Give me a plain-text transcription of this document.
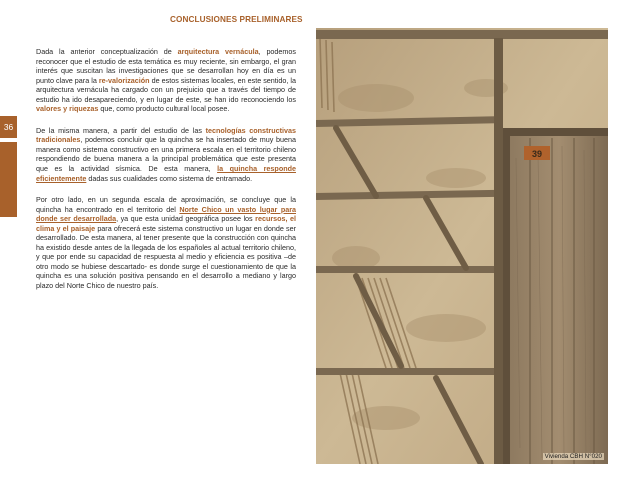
CONCLUSIONES PRELIMINARES
36
CAPÍTULO II

Dada la anterior conceptualización de arquitectura vernácula, podemos reconocer que el estudio de esta temática es muy reciente, sin embargo, el gran interés que suscitan las investigaciones que se desarrollan hoy en día es un punto clave para la re-valorización de estos sistemas locales, en este sentido, la arquitectura vernácula ha cargado con un prejuicio que a través del tiempo de estudio ha ido desapareciendo, y en lugar de este, se han ido reconociendo los valores y riquezas que, como producto cultural local posee.

De la misma manera, a partir del estudio de las tecnologías constructivas tradicionales, podemos concluir que la quincha se ha insertado de muy buena manera como sistema constructivo en una primera escala en el territorio chileno respondiendo de buena manera a la principal problemática que este presenta que es la actividad sísmica. De esta manera, la quincha responde eficientemente dadas sus cualidades como sistema de entramado.

Por otro lado, en un segunda escala de aproximación, se concluye que la quincha ha encontrado en el territorio del Norte Chico un vasto lugar para donde ser desarrollada, ya que esta unidad geográfica posee los recursos, el clima y el paisaje para ofrecerá este sistema constructivo un lugar en donde ser desarrollado. De esta manera, al tener presente que la construcción con quincha ha existido desde antes de la llegada de los españoles al actual territorio chileno, y que por ende su capacidad de respuesta al medio y eficiencia es positiva –de otro modo se hubiese descartado- es donde surge el cuestionamiento de que la quincha es una solución positiva pensando en el desarrollo a mediano y largo plazo del Norte Chico de nuestro país.

39
Vivienda CBH N°020
